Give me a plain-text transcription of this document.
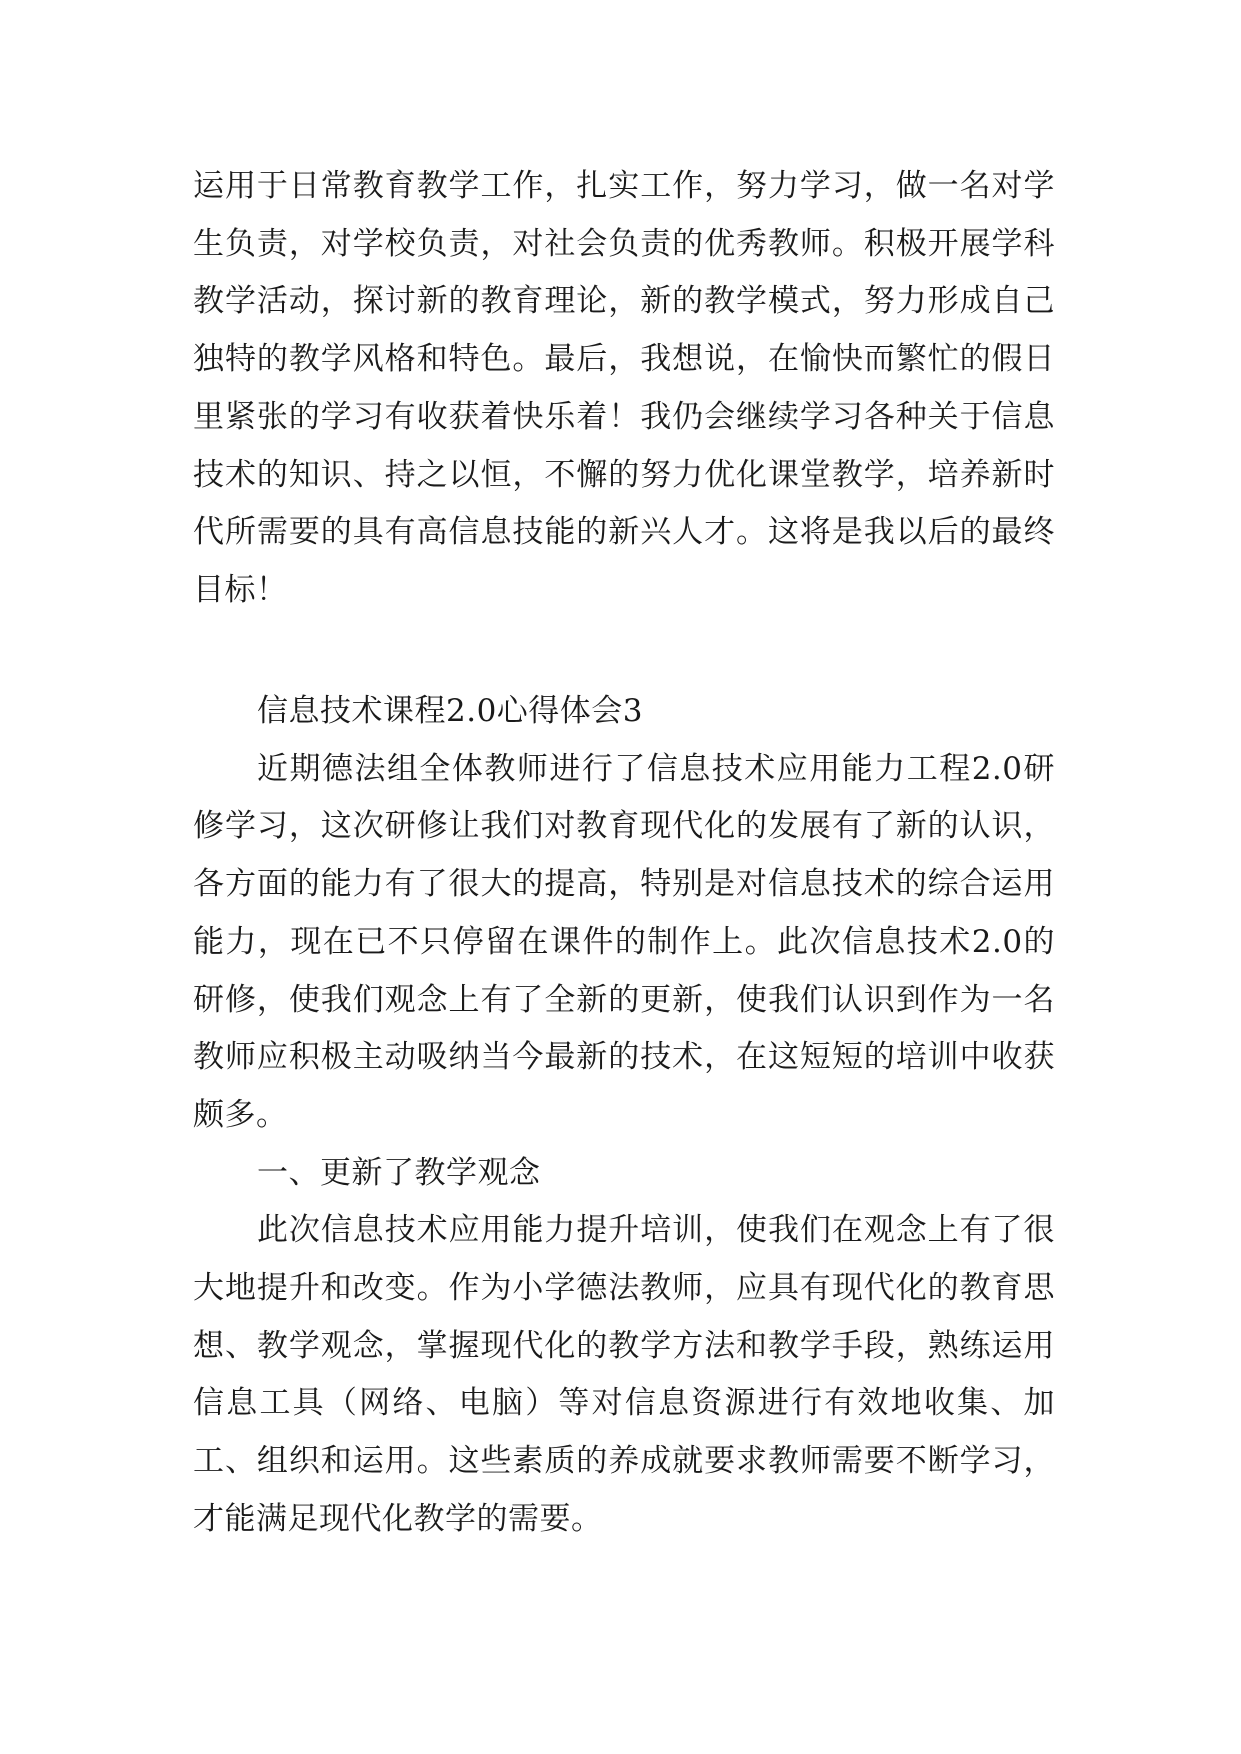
运用于日常教育教学工作，扎实工作，努力学习，做一名对学生负责，对学校负责，对社会负责的优秀教师。积极开展学科教学活动，探讨新的教育理论，新的教学模式，努力形成自己独特的教学风格和特色。最后，我想说，在愉快而繁忙的假日里紧张的学习有收获着快乐着！我仍会继续学习各种关于信息技术的知识、持之以恒，不懈的努力优化课堂教学，培养新时代所需要的具有高信息技能的新兴人才。这将是我以后的最终目标！

信息技术课程2.0心得体会3

近期德法组全体教师进行了信息技术应用能力工程2.0研修学习，这次研修让我们对教育现代化的发展有了新的认识，各方面的能力有了很大的提高，特别是对信息技术的综合运用能力，现在已不只停留在课件的制作上。此次信息技术2.0的研修，使我们观念上有了全新的更新，使我们认识到作为一名教师应积极主动吸纳当今最新的技术，在这短短的培训中收获颇多。

一、更新了教学观念

此次信息技术应用能力提升培训，使我们在观念上有了很大地提升和改变。作为小学德法教师，应具有现代化的教育思想、教学观念，掌握现代化的教学方法和教学手段，熟练运用信息工具（网络、电脑）等对信息资源进行有效地收集、加工、组织和运用。这些素质的养成就要求教师需要不断学习，才能满足现代化教学的需要。
